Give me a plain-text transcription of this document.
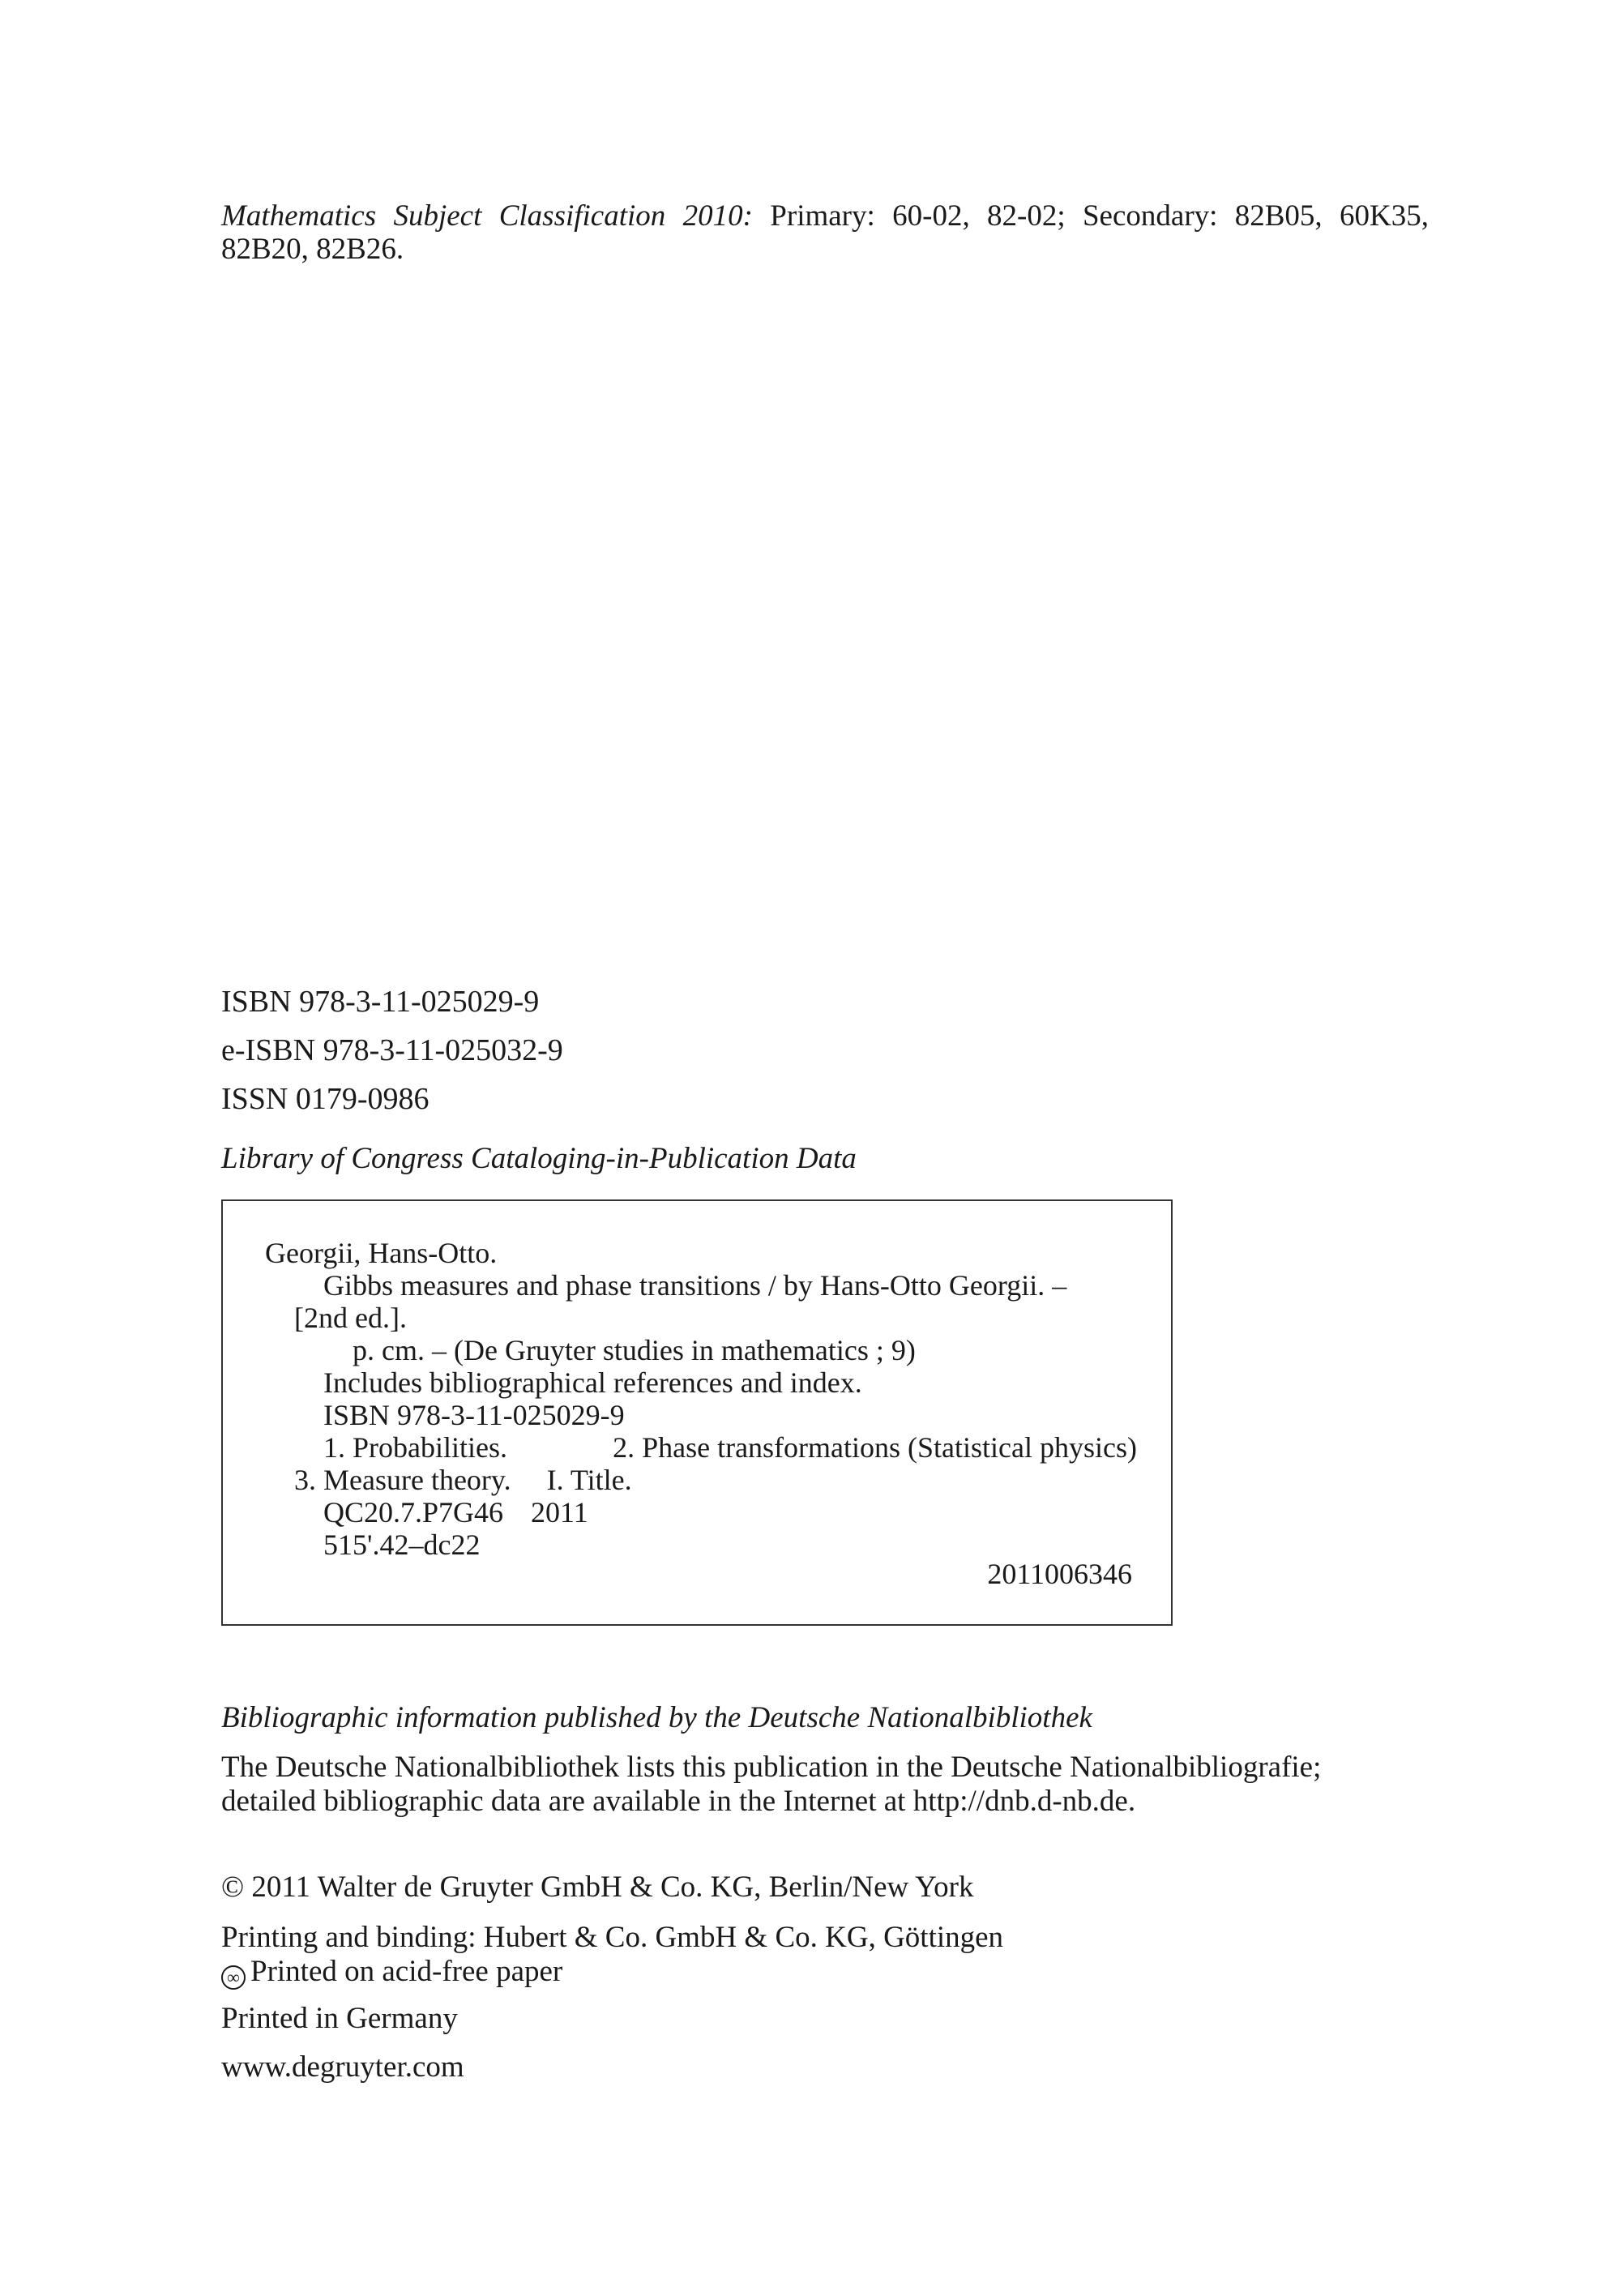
Mathematics Subject Classification 2010: Primary: 60-02, 82-02; Secondary: 82B05, 60K35, 82B20, 82B26.
ISBN 978-3-11-025029-9
e-ISBN 978-3-11-025032-9
ISSN 0179-0986
Library of Congress Cataloging-in-Publication Data
Georgii, Hans-Otto.
Gibbs measures and phase transitions / by Hans-Otto Georgii. –
[2nd ed.].
p. cm. – (De Gruyter studies in mathematics ; 9)
Includes bibliographical references and index.
ISBN 978-3-11-025029-9
1. Probabilities.	2. Phase transformations (Statistical physics)
3. Measure theory. I. Title.
QC20.7.P7G46 2011
515'.42–dc22
2011006346
Bibliographic information published by the Deutsche Nationalbibliothek
The Deutsche Nationalbibliothek lists this publication in the Deutsche Nationalbibliografie;
detailed bibliographic data are available in the Internet at http://dnb.d-nb.de.
© 2011 Walter de Gruyter GmbH & Co. KG, Berlin/New York
Printing and binding: Hubert & Co. GmbH & Co. KG, Göttingen
∞ Printed on acid-free paper
Printed in Germany
www.degruyter.com
